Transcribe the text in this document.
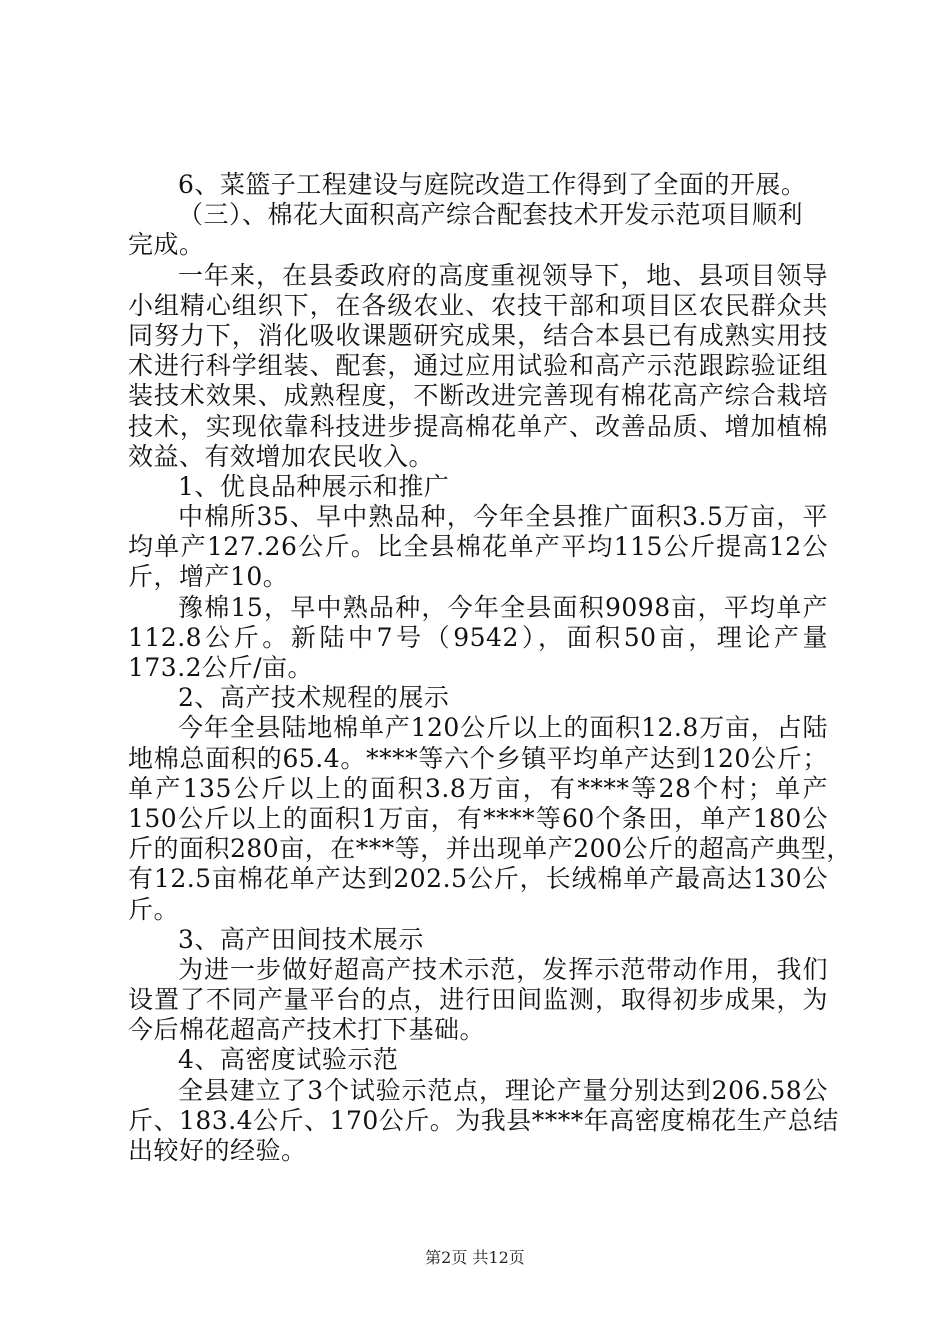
6、菜篮子工程建设与庭院改造工作得到了全面的开展。
（三）、棉花大面积高产综合配套技术开发示范项目顺利
完成。
一年来，在县委政府的高度重视领导下，地、县项目领导
小组精心组织下，在各级农业、农技干部和项目区农民群众共
同努力下，消化吸收课题研究成果，结合本县已有成熟实用技
术进行科学组装、配套，通过应用试验和高产示范跟踪验证组
装技术效果、成熟程度，不断改进完善现有棉花高产综合栽培
技术，实现依靠科技进步提高棉花单产、改善品质、增加植棉
效益、有效增加农民收入。
1、优良品种展示和推广
中棉所35、早中熟品种，今年全县推广面积3.5万亩，平
均单产127.26公斤。比全县棉花单产平均115公斤提高12公
斤，增产10。
豫棉15，早中熟品种，今年全县面积9098亩，平均单产
112.8公斤。新陆中7号（9542），面积50亩，理论产量
173.2公斤/亩。
2、高产技术规程的展示
今年全县陆地棉单产120公斤以上的面积12.8万亩，占陆
地棉总面积的65.4。****等六个乡镇平均单产达到120公斤；
单产135公斤以上的面积3.8万亩，有****等28个村；单产
150公斤以上的面积1万亩，有****等60个条田，单产180公
斤的面积280亩，在***等，并出现单产200公斤的超高产典型，
有12.5亩棉花单产达到202.5公斤，长绒棉单产最高达130公
斤。
3、高产田间技术展示
为进一步做好超高产技术示范，发挥示范带动作用，我们
设置了不同产量平台的点，进行田间监测，取得初步成果，为
今后棉花超高产技术打下基础。
4、高密度试验示范
全县建立了3个试验示范点，理论产量分别达到206.58公
斤、183.4公斤、170公斤。为我县****年高密度棉花生产总结
出较好的经验。
第2页 共12页
